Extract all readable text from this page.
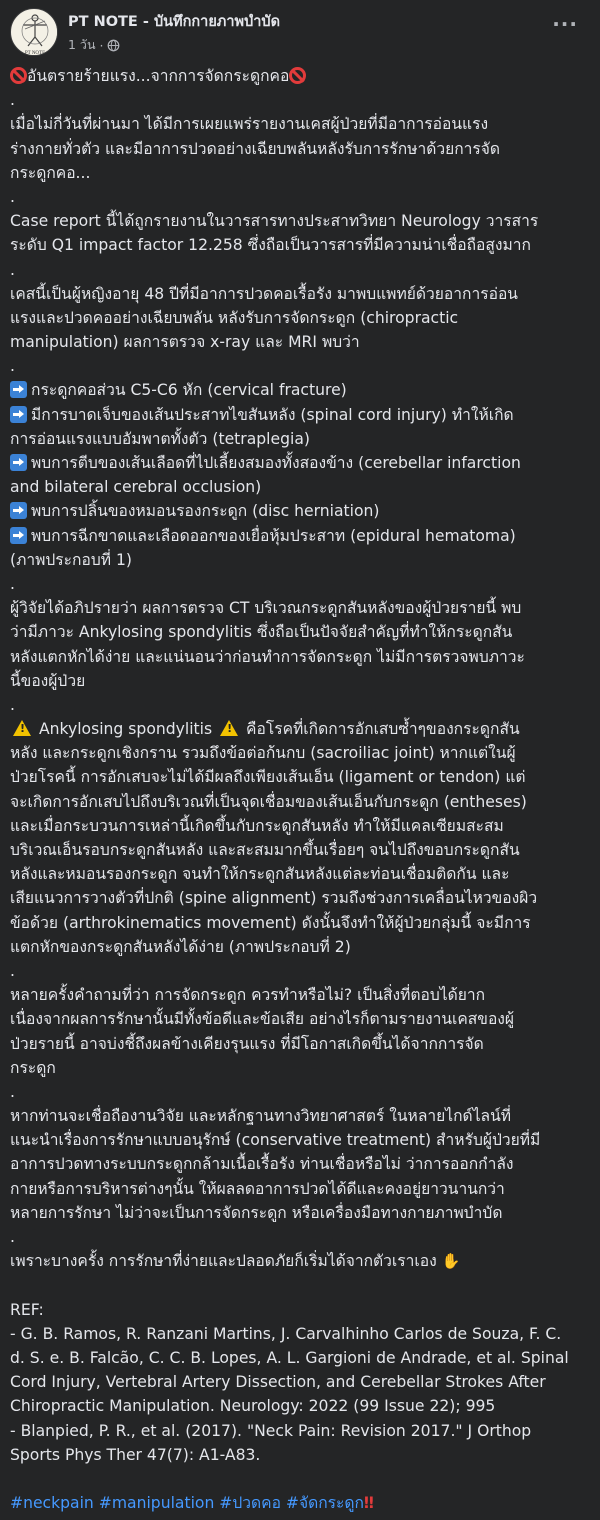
PT NOTE
PT NOTE - บันทึกกายภาพบำบัด
1 วัน ·
···
อันตรายร้ายแรง...จากการจัดกระดูกคอ
.
เมื่อไม่กี่วันที่ผ่านมา ได้มีการเผยแพร่รายงานเคสผู้ป่วยที่มีอาการอ่อนแรง
ร่างกายทั่วตัว และมีอาการปวดอย่างเฉียบพลันหลังรับการรักษาด้วยการจัด
กระดูกคอ...
.
Case report นี้ได้ถูกรายงานในวารสารทางประสาทวิทยา Neurology วารสาร
ระดับ Q1 impact factor 12.258 ซึ่งถือเป็นวารสารที่มีความน่าเชื่อถือสูงมาก
.
เคสนี้เป็นผู้หญิงอายุ 48 ปีที่มีอาการปวดคอเรื้อรัง มาพบแพทย์ด้วยอาการอ่อน
แรงและปวดคออย่างเฉียบพลัน หลังรับการจัดกระดูก (chiropractic
manipulation) ผลการตรวจ x-ray และ MRI พบว่า
.
กระดูกคอส่วน C5-C6 หัก (cervical fracture)
มีการบาดเจ็บของเส้นประสาทไขสันหลัง (spinal cord injury) ทำให้เกิด
การอ่อนแรงแบบอัมพาตทั้งตัว (tetraplegia)
พบการตีบของเส้นเลือดที่ไปเลี้ยงสมองทั้งสองข้าง (cerebellar infarction
and bilateral cerebral occlusion)
พบการปลิ้นของหมอนรองกระดูก (disc herniation)
พบการฉีกขาดและเลือดออกของเยื่อหุ้มประสาท (epidural hematoma)
(ภาพประกอบที่ 1)
.
ผู้วิจัยได้อภิปรายว่า ผลการตรวจ CT บริเวณกระดูกสันหลังของผู้ป่วยรายนี้ พบ
ว่ามีภาวะ Ankylosing spondylitis ซึ่งถือเป็นปัจจัยสำคัญที่ทำให้กระดูกสัน
หลังแตกหักได้ง่าย และแน่นอนว่าก่อนทำการจัดกระดูก ไม่มีการตรวจพบภาวะ
นี้ของผู้ป่วย
.
! Ankylosing spondylitis ! คือโรคที่เกิดการอักเสบซ้ำๆของกระดูกสัน
หลัง และกระดูกเชิงกราน รวมถึงข้อต่อก้นกบ (sacroiliac joint) หากแต่ในผู้
ป่วยโรคนี้ การอักเสบจะไม่ได้มีผลถึงเพียงเส้นเอ็น (ligament or tendon) แต่
จะเกิดการอักเสบไปถึงบริเวณที่เป็นจุดเชื่อมของเส้นเอ็นกับกระดูก (entheses)
และเมื่อกระบวนการเหล่านี้เกิดขึ้นกับกระดูกสันหลัง ทำให้มีแคลเซียมสะสม
บริเวณเอ็นรอบกระดูกสันหลัง และสะสมมากขึ้นเรื่อยๆ จนไปถึงขอบกระดูกสัน
หลังและหมอนรองกระดูก จนทำให้กระดูกสันหลังแต่ละท่อนเชื่อมติดกัน และ
เสียแนวการวางตัวที่ปกติ (spine alignment) รวมถึงช่วงการเคลื่อนไหวของผิว
ข้อด้วย (arthrokinematics movement) ดังนั้นจึงทำให้ผู้ป่วยกลุ่มนี้ จะมีการ
แตกหักของกระดูกสันหลังได้ง่าย (ภาพประกอบที่ 2)
.
หลายครั้งคำถามที่ว่า การจัดกระดูก ควรทำหรือไม่? เป็นสิ่งที่ตอบได้ยาก
เนื่องจากผลการรักษานั้นมีทั้งข้อดีและข้อเสีย อย่างไรก็ตามรายงานเคสของผู้
ป่วยรายนี้ อาจบ่งชี้ถึงผลข้างเคียงรุนแรง ที่มีโอกาสเกิดขึ้นได้จากการจัด
กระดูก
.
หากท่านจะเชื่อถืองานวิจัย และหลักฐานทางวิทยาศาสตร์ ในหลายไกด์ไลน์ที่
แนะนำเรื่องการรักษาแบบอนุรักษ์ (conservative treatment) สำหรับผู้ป่วยที่มี
อาการปวดทางระบบกระดูกกล้ามเนื้อเรื้อรัง ท่านเชื่อหรือไม่ ว่าการออกกำลัง
กายหรือการบริหารต่างๆนั้น ให้ผลลดอาการปวดได้ดีและคงอยู่ยาวนานกว่า
หลายการรักษา ไม่ว่าจะเป็นการจัดกระดูก หรือเครื่องมือทางกายภาพบำบัด
.
เพราะบางครั้ง การรักษาที่ง่ายและปลอดภัยก็เริ่มได้จากตัวเราเอง ✋
REF:
- G. B. Ramos, R. Ranzani Martins, J. Carvalhinho Carlos de Souza, F. C.
d. S. e. B. Falcão, C. C. B. Lopes, A. L. Gargioni de Andrade, et al. Spinal
Cord Injury, Vertebral Artery Dissection, and Cerebellar Strokes After
Chiropractic Manipulation. Neurology: 2022 (99 Issue 22); 995
- Blanpied, P. R., et al. (2017). "Neck Pain: Revision 2017." J Orthop
Sports Phys Ther 47(7): A1-A83.
#neckpain #manipulation #ปวดคอ #จัดกระดูก‼
